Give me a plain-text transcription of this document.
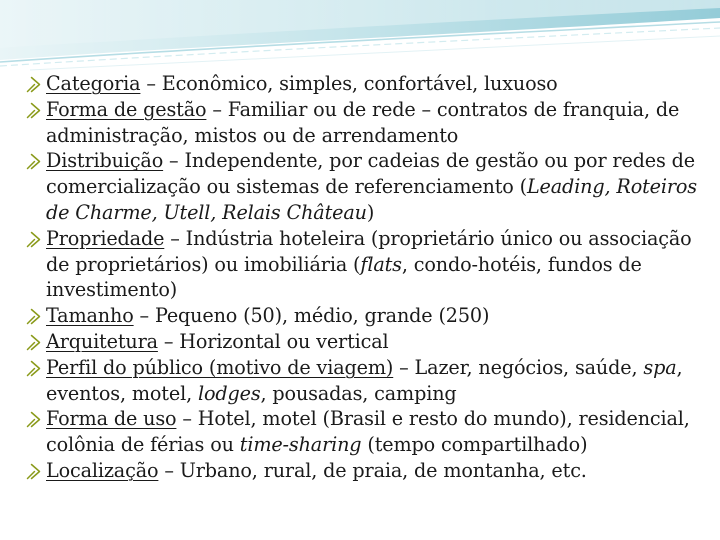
Categoria – Econômico, simples, confortável, luxuoso
Forma de gestão – Familiar ou de rede – contratos de franquia, de administração, mistos ou de arrendamento
Distribuição – Independente, por cadeias de gestão ou por redes de comercialização ou sistemas de referenciamento (Leading, Roteiros de Charme, Utell, Relais Château)
Propriedade – Indústria hoteleira (proprietário único ou associação de proprietários) ou imobiliária (flats, condo-hotéis, fundos de investimento)
Tamanho – Pequeno (50), médio, grande (250)
Arquitetura – Horizontal ou vertical
Perfil do público (motivo de viagem) – Lazer, negócios, saúde, spa, eventos, motel, lodges, pousadas, camping
Forma de uso – Hotel, motel (Brasil e resto do mundo), residencial, colônia de férias ou time-sharing (tempo compartilhado)
Localização – Urbano, rural, de praia, de montanha, etc.
